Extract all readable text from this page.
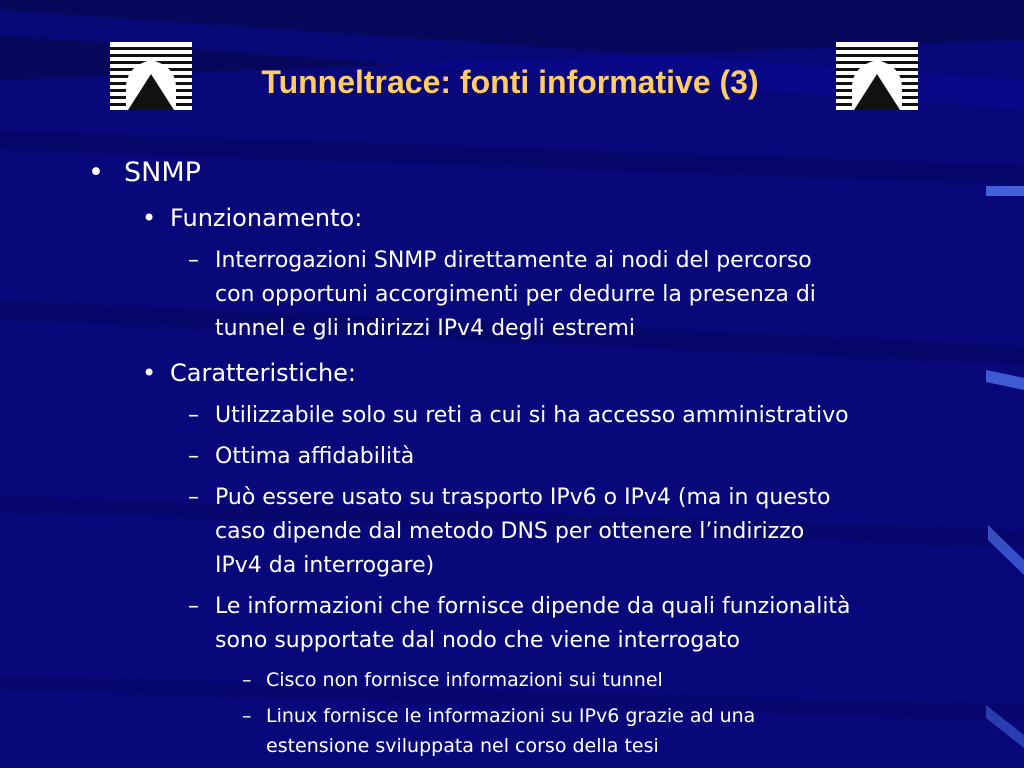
Tunneltrace: fonti informative (3)
• SNMP
• Funzionamento:
– Interrogazioni SNMP direttamente ai nodi del percorso
con opportuni accorgimenti per dedurre la presenza di
tunnel e gli indirizzi IPv4 degli estremi
• Caratteristiche:
– Utilizzabile solo su reti a cui si ha accesso amministrativo
– Ottima affidabilità
– Può essere usato su trasporto IPv6 o IPv4 (ma in questo
caso dipende dal metodo DNS per ottenere l’indirizzo
IPv4 da interrogare)
– Le informazioni che fornisce dipende da quali funzionalità
sono supportate dal nodo che viene interrogato
– Cisco non fornisce informazioni sui tunnel
– Linux fornisce le informazioni su IPv6 grazie ad una
estensione sviluppata nel corso della tesi
